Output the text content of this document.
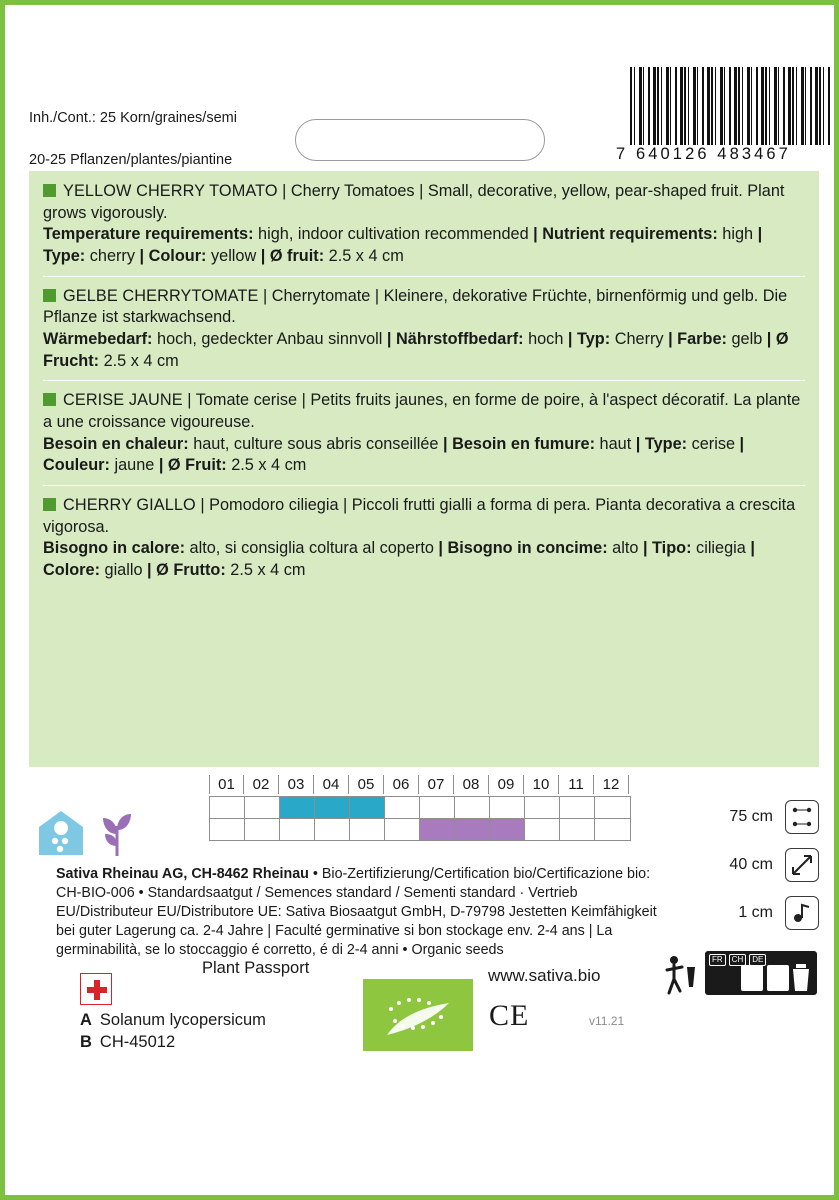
Inh./Cont.: 25 Korn/graines/semi

20-25 Pflanzen/plantes/piantine	7 640126 483467
YELLOW CHERRY TOMATO | Cherry Tomatoes | Small, decorative, yellow, pear-shaped fruit. Plant grows vigorously.
Temperature requirements: high, indoor cultivation recommended | Nutrient requirements: high | Type: cherry | Colour: yellow | Ø fruit: 2.5 x 4 cm
GELBE CHERRYTOMATE | Cherrytomate | Kleinere, dekorative Früchte, birnenförmig und gelb. Die Pflanze ist starkwachsend.
Wärmebedarf: hoch, gedeckter Anbau sinnvoll | Nährstoffbedarf: hoch | Typ: Cherry | Farbe: gelb | Ø Frucht: 2.5 x 4 cm
CERISE JAUNE | Tomate cerise | Petits fruits jaunes, en forme de poire, à l'aspect décoratif. La plante a une croissance vigoureuse.
Besoin en chaleur: haut, culture sous abris conseillée | Besoin en fumure: haut | Type: cerise | Couleur: jaune | Ø Fruit: 2.5 x 4 cm
CHERRY GIALLO | Pomodoro ciliegia | Piccoli frutti gialli a forma di pera. Pianta decorativa a crescita vigorosa.
Bisogno in calore: alto, si consiglia coltura al coperto | Bisogno in concime: alto | Tipo: ciliegia | Colore: giallo | Ø Frutto: 2.5 x 4 cm
01	02	03	04	05	06	07	08	09	10	11	12
75 cm
40 cm
1 cm
Sativa Rheinau AG, CH-8462 Rheinau • Bio-Zertifizierung/Certification bio/Certificazione bio: CH-BIO-006 • Standardsaatgut / Semences standard / Sementi standard · Vertrieb EU/Distributeur EU/Distributore UE: Sativa Biosaatgut GmbH, D-79798 Jestetten Keimfähigkeit bei guter Lagerung ca. 2-4 Jahre | Faculté germinative si bon stockage env. 2-4 ans | La germinabilità, se lo stoccaggio é corretto, é di 2-4 anni • Organic seeds
Plant Passport
A Solanum lycopersicum
B CH-45012
CE
www.sativa.bio
v11.21
FR	CH	DE
